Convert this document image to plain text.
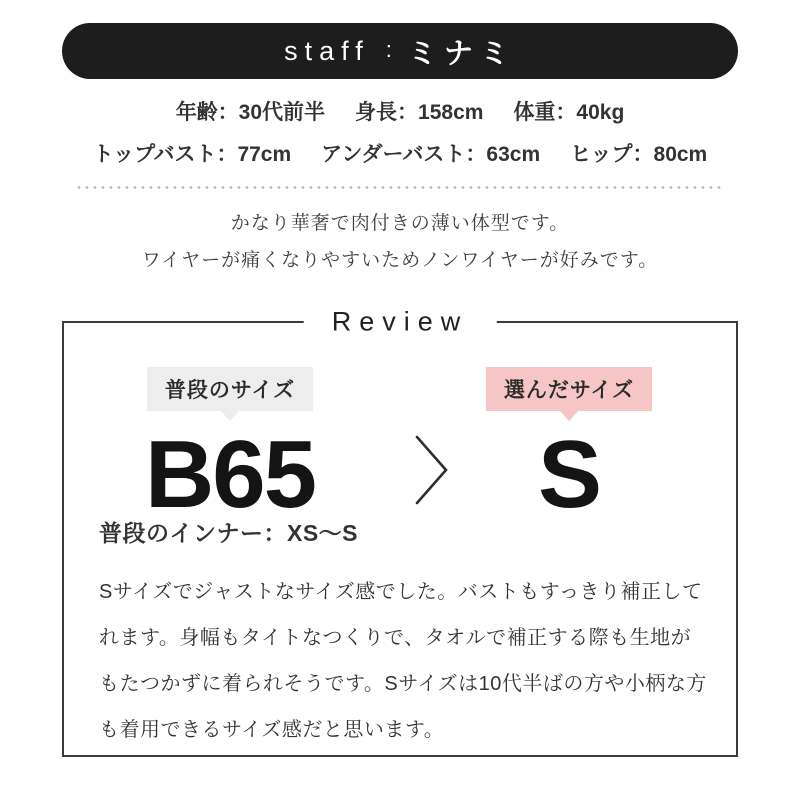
staff : ミナミ
年齢：30代前半 身長：158cm 体重：40kg
トップバスト：77cm アンダーバスト：63cm ヒップ：80cm

かなり華奢で肉付きの薄い体型です。

ワイヤーが痛くなりやすいためノンワイヤーが好みです。

Review
普段のサイズ
B65
選んだサイズ
S
普段のインナー：XS〜S

Sサイズでジャストなサイズ感でした。バストもすっきり補正してれます。身幅もタイトなつくりで、タオルで補正する際も生地がもたつかずに着られそうです。Sサイズは10代半ばの方や小柄な方も着用できるサイズ感だと思います。
